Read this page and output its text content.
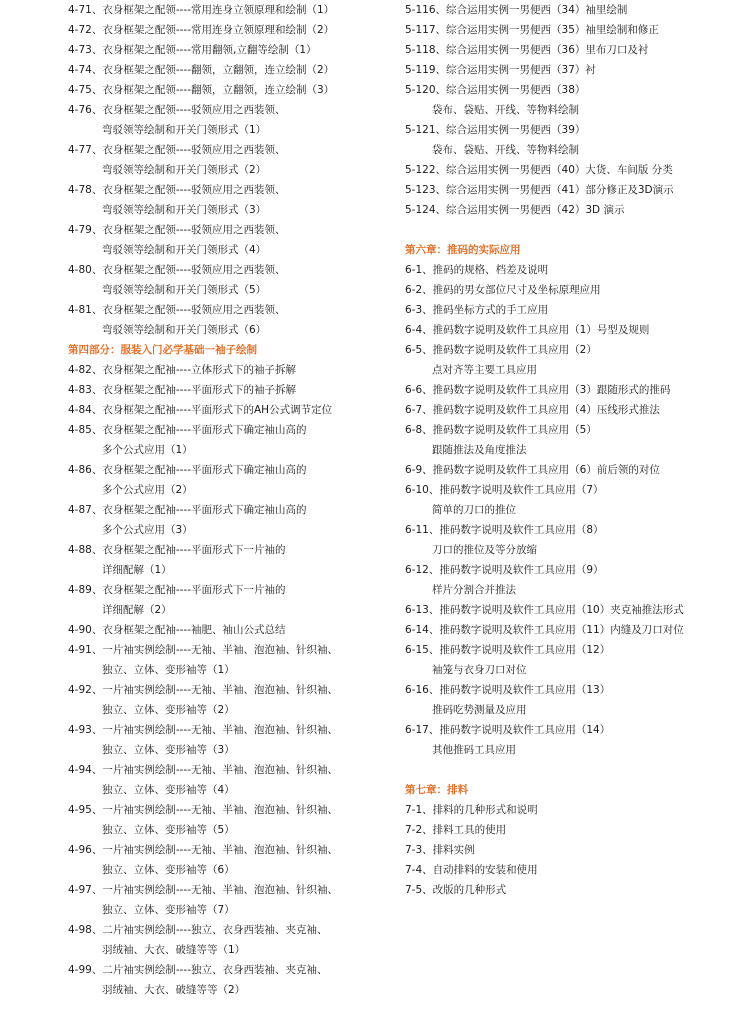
4-71、衣身框架之配领----常用连身立领原理和绘制（1）
4-72、衣身框架之配领----常用连身立领原理和绘制（2）
4-73、衣身框架之配领----常用翻领,立翻等绘制（1）
4-74、衣身框架之配领----翻领，立翻领，连立绘制（2）
4-75、衣身框架之配领----翻领，立翻领，连立绘制（3）
4-76、衣身框架之配领----驳领应用之西装领、
弯驳领等绘制和开关门领形式（1）
4-77、衣身框架之配领----驳领应用之西装领、
弯驳领等绘制和开关门领形式（2）
4-78、衣身框架之配领----驳领应用之西装领、
弯驳领等绘制和开关门领形式（3）
4-79、衣身框架之配领----驳领应用之西装领、
弯驳领等绘制和开关门领形式（4）
4-80、衣身框架之配领----驳领应用之西装领、
弯驳领等绘制和开关门领形式（5）
4-81、衣身框架之配领----驳领应用之西装领、
弯驳领等绘制和开关门领形式（6）
第四部分：服装入门必学基础一袖子绘制
4-82、衣身框架之配袖----立体形式下的袖子拆解
4-83、衣身框架之配袖----平面形式下的袖子拆解
4-84、衣身框架之配袖----平面形式下的AH公式调节定位
4-85、衣身框架之配袖----平面形式下确定袖山高的
多个公式应用（1）
4-86、衣身框架之配袖----平面形式下确定袖山高的
多个公式应用（2）
4-87、衣身框架之配袖----平面形式下确定袖山高的
多个公式应用（3）
4-88、衣身框架之配袖----平面形式下一片袖的
详细配解（1）
4-89、衣身框架之配袖----平面形式下一片袖的
详细配解（2）
4-90、衣身框架之配袖----袖肥、袖山公式总结
4-91、一片袖实例绘制----无袖、半袖、泡泡袖、针织袖、
独立、立体、变形袖等（1）
4-92、一片袖实例绘制----无袖、半袖、泡泡袖、针织袖、
独立、立体、变形袖等（2）
4-93、一片袖实例绘制----无袖、半袖、泡泡袖、针织袖、
独立、立体、变形袖等（3）
4-94、一片袖实例绘制----无袖、半袖、泡泡袖、针织袖、
独立、立体、变形袖等（4）
4-95、一片袖实例绘制----无袖、半袖、泡泡袖、针织袖、
独立、立体、变形袖等（5）
4-96、一片袖实例绘制----无袖、半袖、泡泡袖、针织袖、
独立、立体、变形袖等（6）
4-97、一片袖实例绘制----无袖、半袖、泡泡袖、针织袖、
独立、立体、变形袖等（7）
4-98、二片袖实例绘制----独立、衣身西装袖、夹克袖、
羽绒袖、大衣、破缝等等（1）
4-99、二片袖实例绘制----独立、衣身西装袖、夹克袖、
羽绒袖、大衣、破缝等等（2）
5-116、综合运用实例一男便西（34）袖里绘制
5-117、综合运用实例一男便西（35）袖里绘制和修正
5-118、综合运用实例一男便西（36）里布刀口及衬
5-119、综合运用实例一男便西（37）衬
5-120、综合运用实例一男便西（38）
袋布、袋贴、开线、等物料绘制
5-121、综合运用实例一男便西（39）
袋布、袋贴、开线、等物料绘制
5-122、综合运用实例一男便西（40）大货、车间版 分类
5-123、综合运用实例一男便西（41）部分修正及3D演示
5-124、综合运用实例一男便西（42）3D 演示
第六章：推码的实际应用
6-1、推码的规格、档差及说明
6-2、推码的男女部位尺寸及坐标原理应用
6-3、推码坐标方式的手工应用
6-4、推码数字说明及软件工具应用（1）号型及规则
6-5、推码数字说明及软件工具应用（2）
点对齐等主要工具应用
6-6、推码数字说明及软件工具应用（3）跟随形式的推码
6-7、推码数字说明及软件工具应用（4）压线形式推法
6-8、推码数字说明及软件工具应用（5）
跟随推法及角度推法
6-9、推码数字说明及软件工具应用（6）前后领的对位
6-10、推码数字说明及软件工具应用（7）
简单的刀口的推位
6-11、推码数字说明及软件工具应用（8）
刀口的推位及等分放缩
6-12、推码数字说明及软件工具应用（9）
样片分割合并推法
6-13、推码数字说明及软件工具应用（10）夹克袖推法形式
6-14、推码数字说明及软件工具应用（11）内缝及刀口对位
6-15、推码数字说明及软件工具应用（12）
袖笼与衣身刀口对位
6-16、推码数字说明及软件工具应用（13）
推码吃势测量及应用
6-17、推码数字说明及软件工具应用（14）
其他推码工具应用
第七章：排料
7-1、排料的几种形式和说明
7-2、排料工具的使用
7-3、排料实例
7-4、自动排料的安装和使用
7-5、改版的几种形式
